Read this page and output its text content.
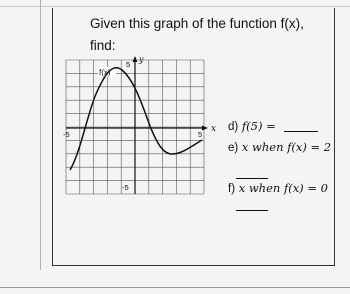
Given this graph of the function f(x),
find:
x
y
-5	5
5
-5
f(x)
d) f(5) =
e) x when f(x) = 2
f) x when f(x) = 0
